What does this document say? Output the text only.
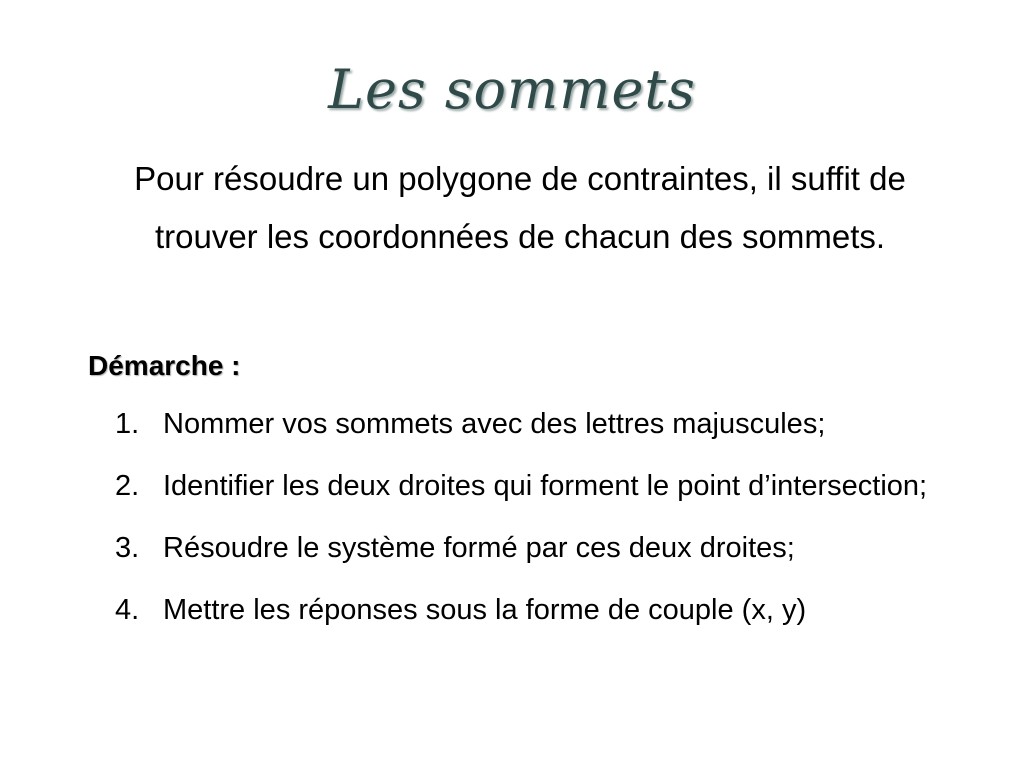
Les sommets
Pour résoudre un polygone de contraintes, il suffit de trouver les coordonnées de chacun des sommets.
Démarche :
1. Nommer vos sommets avec des lettres majuscules;
2. Identifier les deux droites qui forment le point d’intersection;
3. Résoudre le système formé par ces deux droites;
4. Mettre les réponses sous la forme de couple (x, y)
